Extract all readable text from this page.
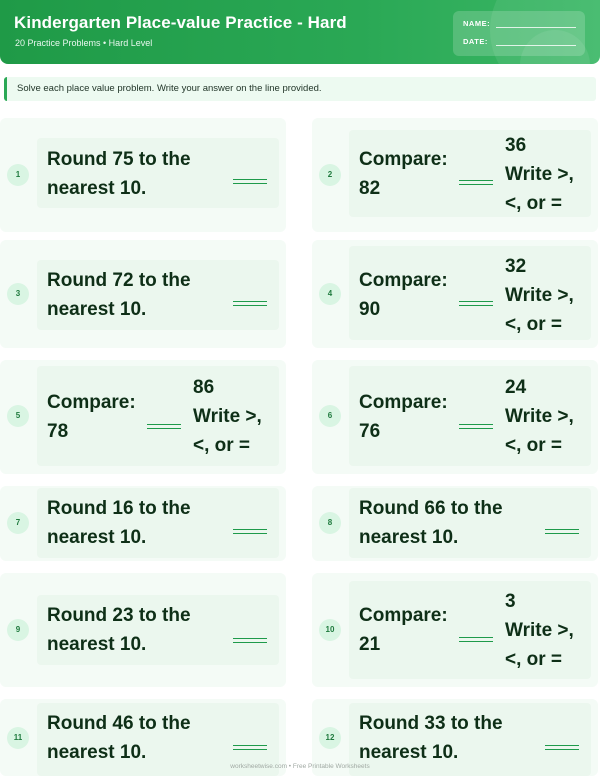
Kindergarten Place-value Practice - Hard
20 Practice Problems • Hard Level
NAME:
DATE:
Solve each place value problem. Write your answer on the line provided.
1
Round 75 to the
nearest 10.
2
Compare:
82
36
Write >,
<, or =
3
Round 72 to the
nearest 10.
4
Compare:
90
32
Write >,
<, or =
5
Compare:
78
86
Write >,
<, or =
6
Compare:
76
24
Write >,
<, or =
7
Round 16 to the
nearest 10.
8
Round 66 to the
nearest 10.
9
Round 23 to the
nearest 10.
10
Compare:
21
3
Write >,
<, or =
11
Round 46 to the
nearest 10.
12
Round 33 to the
nearest 10.
worksheetwise.com • Free Printable Worksheets
